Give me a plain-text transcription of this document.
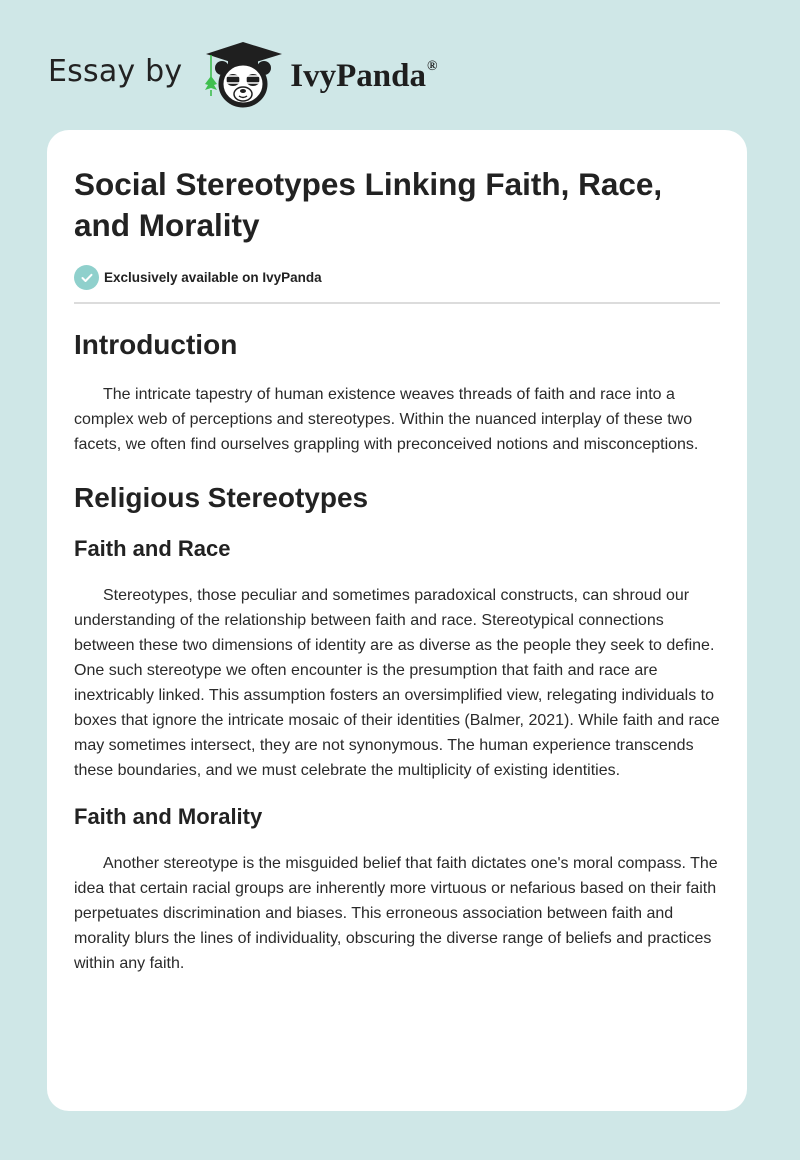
Essay by	IvyPanda®
Social Stereotypes Linking Faith, Race, and Morality
Exclusively available on IvyPanda
Introduction

The intricate tapestry of human existence weaves threads of faith and race into a complex web of perceptions and stereotypes. Within the nuanced interplay of these two facets, we often find ourselves grappling with preconceived notions and misconceptions.

Religious Stereotypes
Faith and Race

Stereotypes, those peculiar and sometimes paradoxical constructs, can shroud our understanding of the relationship between faith and race. Stereotypical connections between these two dimensions of identity are as diverse as the people they seek to define. One such stereotype we often encounter is the presumption that faith and race are inextricably linked. This assumption fosters an oversimplified view, relegating individuals to boxes that ignore the intricate mosaic of their identities (Balmer, 2021). While faith and race may sometimes intersect, they are not synonymous. The human experience transcends these boundaries, and we must celebrate the multiplicity of existing identities.

Faith and Morality

Another stereotype is the misguided belief that faith dictates one's moral compass. The idea that certain racial groups are inherently more virtuous or nefarious based on their faith perpetuates discrimination and biases. This erroneous association between faith and morality blurs the lines of individuality, obscuring the diverse range of beliefs and practices within any faith.
